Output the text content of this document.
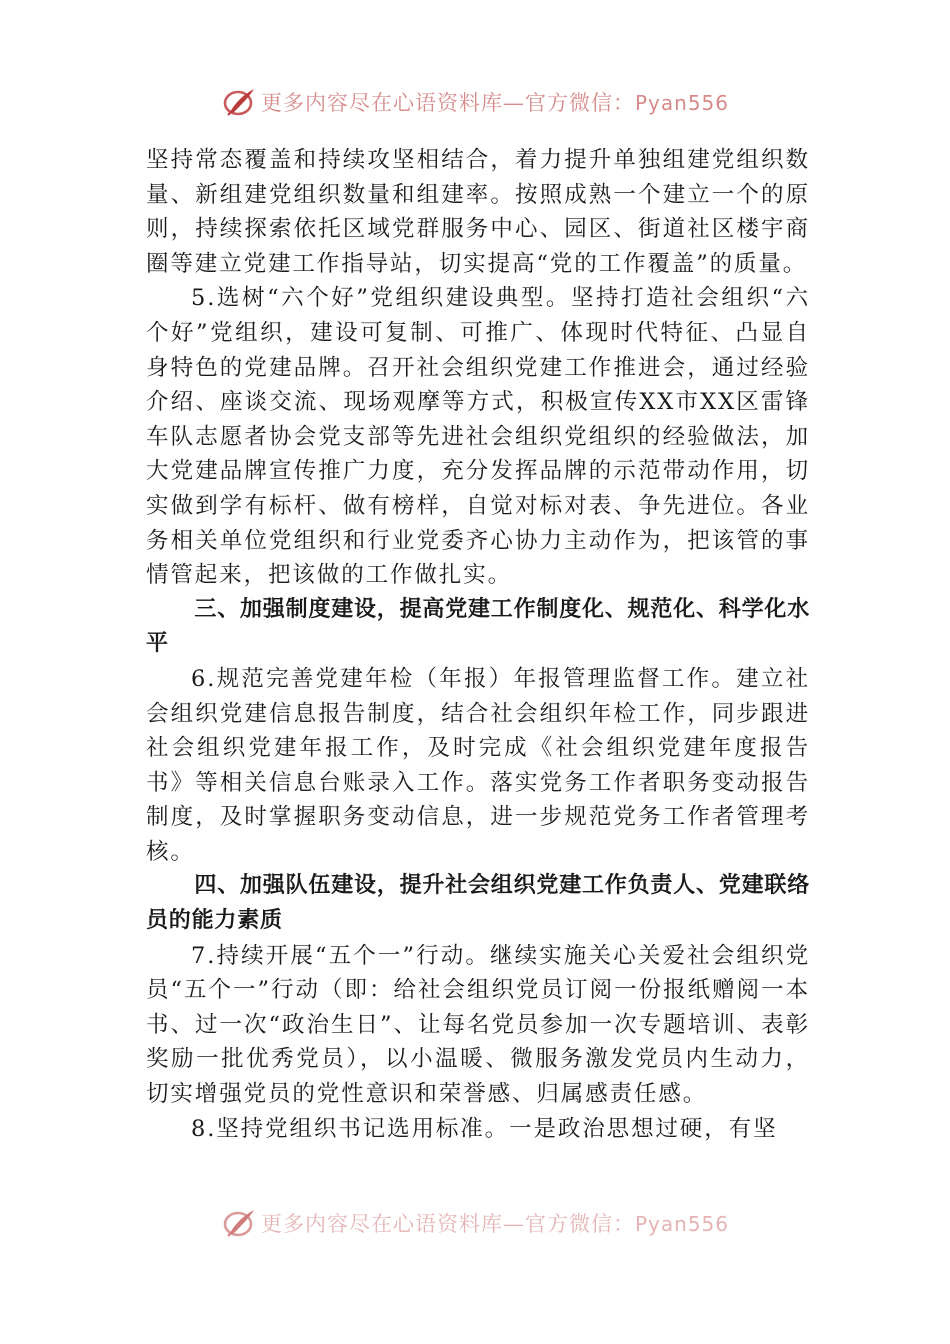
更多内容尽在心语资料库—官方微信：Pyan556

坚持常态覆盖和持续攻坚相结合，着力提升单独组建党组织数量、新组建党组织数量和组建率。按照成熟一个建立一个的原则，持续探索依托区域党群服务中心、园区、街道社区楼宇商圈等建立党建工作指导站，切实提高“党的工作覆盖”的质量。

5.选树“六个好”党组织建设典型。坚持打造社会组织“六个好”党组织，建设可复制、可推广、体现时代特征、凸显自身特色的党建品牌。召开社会组织党建工作推进会，通过经验介绍、座谈交流、现场观摩等方式，积极宣传XX市XX区雷锋车队志愿者协会党支部等先进社会组织党组织的经验做法，加大党建品牌宣传推广力度，充分发挥品牌的示范带动作用，切实做到学有标杆、做有榜样，自觉对标对表、争先进位。各业务相关单位党组织和行业党委齐心协力主动作为，把该管的事情管起来，把该做的工作做扎实。

三、加强制度建设，提高党建工作制度化、规范化、科学化水平

6.规范完善党建年检（年报）年报管理监督工作。建立社会组织党建信息报告制度，结合社会组织年检工作，同步跟进社会组织党建年报工作，及时完成《社会组织党建年度报告书》等相关信息台账录入工作。落实党务工作者职务变动报告制度，及时掌握职务变动信息，进一步规范党务工作者管理考核。

四、加强队伍建设，提升社会组织党建工作负责人、党建联络员的能力素质

7.持续开展“五个一”行动。继续实施关心关爱社会组织党员“五个一”行动（即：给社会组织党员订阅一份报纸赠阅一本书、过一次“政治生日”、让每名党员参加一次专题培训、表彰奖励一批优秀党员），以小温暖、微服务激发党员内生动力，切实增强党员的党性意识和荣誉感、归属感责任感。

8.坚持党组织书记选用标准。一是政治思想过硬，有坚

更多内容尽在心语资料库—官方微信：Pyan556
